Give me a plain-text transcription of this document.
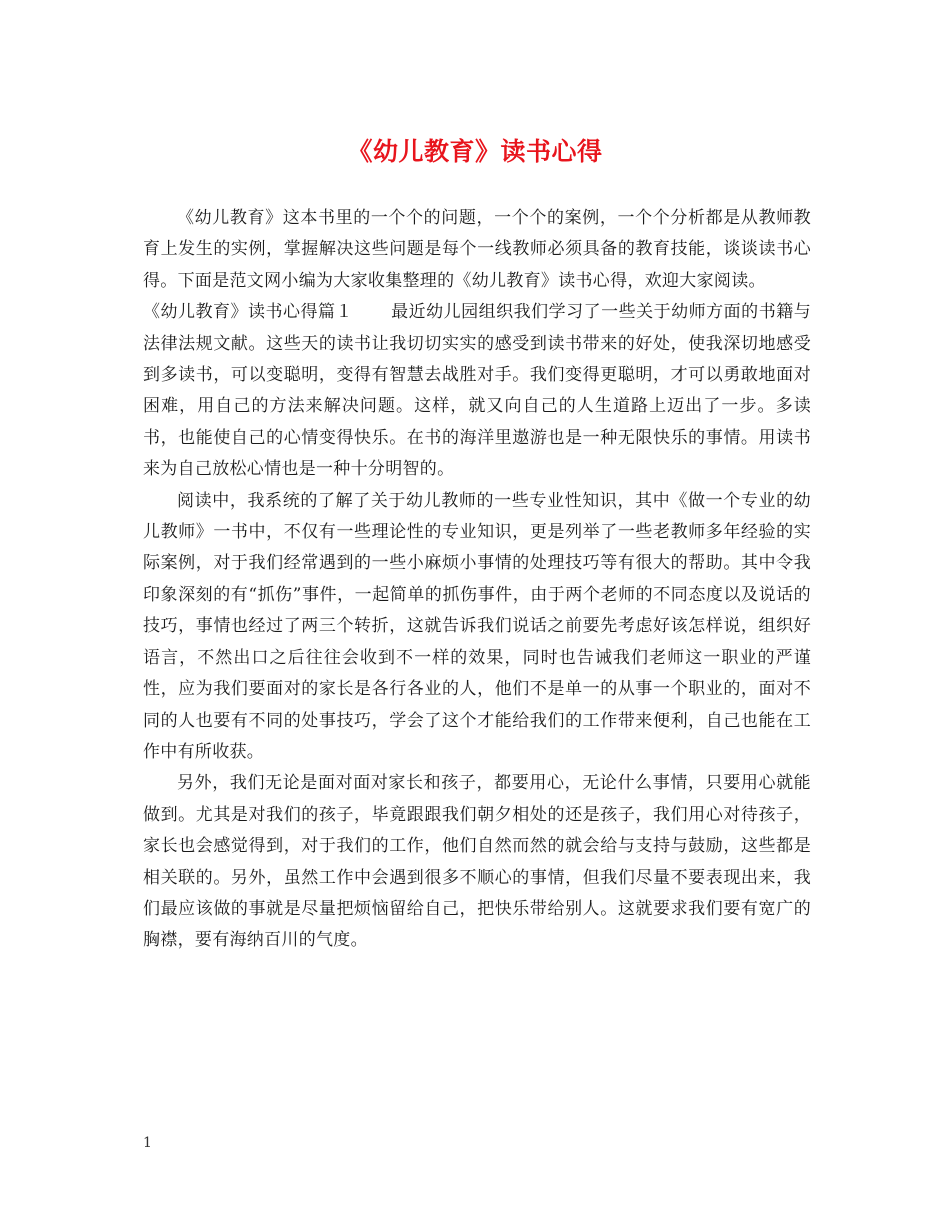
《幼儿教育》读书心得

《幼儿教育》这本书里的一个个的问题，一个个的案例，一个个分析都是从教师教育上发生的实例，掌握解决这些问题是每个一线教师必须具备的教育技能，谈谈读书心得。下面是范文网小编为大家收集整理的《幼儿教育》读书心得，欢迎大家阅读。

《幼儿教育》读书心得篇１ 最近幼儿园组织我们学习了一些关于幼师方面的书籍与法律法规文献。这些天的读书让我切切实实的感受到读书带来的好处，使我深切地感受到多读书，可以变聪明，变得有智慧去战胜对手。我们变得更聪明，才可以勇敢地面对困难，用自己的方法来解决问题。这样，就又向自己的人生道路上迈出了一步。多读书，也能使自己的心情变得快乐。在书的海洋里遨游也是一种无限快乐的事情。用读书来为自己放松心情也是一种十分明智的。

阅读中，我系统的了解了关于幼儿教师的一些专业性知识，其中《做一个专业的幼儿教师》一书中，不仅有一些理论性的专业知识，更是列举了一些老教师多年经验的实际案例，对于我们经常遇到的一些小麻烦小事情的处理技巧等有很大的帮助。其中令我印象深刻的有“抓伤”事件，一起简单的抓伤事件，由于两个老师的不同态度以及说话的技巧，事情也经过了两三个转折，这就告诉我们说话之前要先考虑好该怎样说，组织好语言，不然出口之后往往会收到不一样的效果，同时也告诫我们老师这一职业的严谨性，应为我们要面对的家长是各行各业的人，他们不是单一的从事一个职业的，面对不同的人也要有不同的处事技巧，学会了这个才能给我们的工作带来便利，自己也能在工作中有所收获。

另外，我们无论是面对面对家长和孩子，都要用心，无论什么事情，只要用心就能做到。尤其是对我们的孩子，毕竟跟跟我们朝夕相处的还是孩子，我们用心对待孩子，家长也会感觉得到，对于我们的工作，他们自然而然的就会给与支持与鼓励，这些都是相关联的。另外，虽然工作中会遇到很多不顺心的事情，但我们尽量不要表现出来，我们最应该做的事就是尽量把烦恼留给自己，把快乐带给别人。这就要求我们要有宽广的胸襟，要有海纳百川的气度。

1
